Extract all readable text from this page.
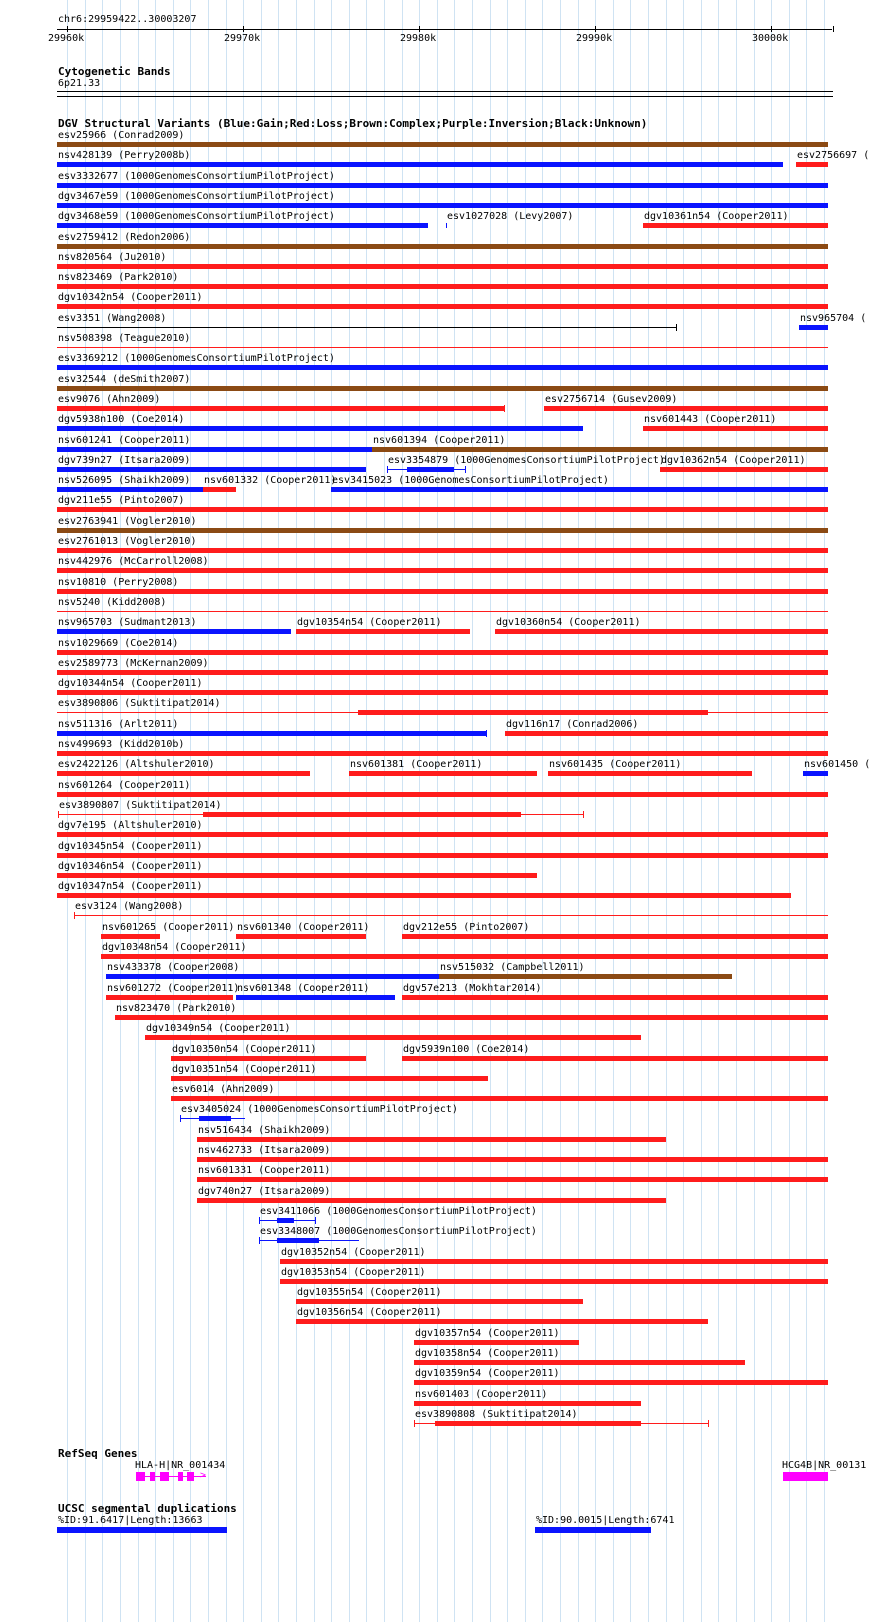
chr6:29959422..30003207
29960k	29970k	29980k	29990k	30000k
Cytogenetic Bands
6p21.33
DGV Structural Variants (Blue:Gain;Red:Loss;Brown:Complex;Purple:Inversion;Black:Unknown)
esv25966 (Conrad2009)
nsv428139 (Perry2008b)	esv2756697 (
esv3332677 (1000GenomesConsortiumPilotProject)
dgv3467e59 (1000GenomesConsortiumPilotProject)
dgv3468e59 (1000GenomesConsortiumPilotProject)	esv1027028 (Levy2007)	dgv10361n54 (Cooper2011)
esv2759412 (Redon2006)
nsv820564 (Ju2010)
nsv823469 (Park2010)
dgv10342n54 (Cooper2011)
esv3351 (Wang2008)	nsv965704 (
nsv508398 (Teague2010)
esv3369212 (1000GenomesConsortiumPilotProject)
esv32544 (deSmith2007)
esv9076 (Ahn2009)	esv2756714 (Gusev2009)
dgv5938n100 (Coe2014)	nsv601443 (Cooper2011)
nsv601241 (Cooper2011)	nsv601394 (Cooper2011)
dgv739n27 (Itsara2009)	esv3354879 (1000GenomesConsortiumPilotProject)
dgv10362n54 (Cooper2011)
nsv526095 (Shaikh2009) nsv601332 (Cooper2011)
esv3415023 (1000GenomesConsortiumPilotProject)
dgv211e55 (Pinto2007)
esv2763941 (Vogler2010)
esv2761013 (Vogler2010)
nsv442976 (McCarroll2008)
nsv10810 (Perry2008)
nsv5240 (Kidd2008)
nsv965703 (Sudmant2013)	dgv10354n54 (Cooper2011)	dgv10360n54 (Cooper2011)
nsv1029669 (Coe2014)
esv2589773 (McKernan2009)
dgv10344n54 (Cooper2011)
esv3890806 (Suktitipat2014)
nsv511316 (Arlt2011)	dgv116n17 (Conrad2006)
nsv499693 (Kidd2010b)
esv2422126 (Altshuler2010)	nsv601381 (Cooper2011)	nsv601435 (Cooper2011)	nsv601450 (
nsv601264 (Cooper2011)
esv3890807 (Suktitipat2014)
dgv7e195 (Altshuler2010)
dgv10345n54 (Cooper2011)
dgv10346n54 (Cooper2011)
dgv10347n54 (Cooper2011)
esv3124 (Wang2008)
nsv601265 (Cooper2011) nsv601340 (Cooper2011)	dgv212e55 (Pinto2007)
dgv10348n54 (Cooper2011)
nsv433378 (Cooper2008)	nsv515032 (Campbell2011)
nsv601272 (Cooper2011)
nsv601348 (Cooper2011)	dgv57e213 (Mokhtar2014)
nsv823470 (Park2010)
dgv10349n54 (Cooper2011)
dgv10350n54 (Cooper2011)	dgv5939n100 (Coe2014)
dgv10351n54 (Cooper2011)
esv6014 (Ahn2009)
esv3405024 (1000GenomesConsortiumPilotProject)
nsv516434 (Shaikh2009)
nsv462733 (Itsara2009)
nsv601331 (Cooper2011)
dgv740n27 (Itsara2009)
esv3411066 (1000GenomesConsortiumPilotProject)
esv3348007 (1000GenomesConsortiumPilotProject)
dgv10352n54 (Cooper2011)
dgv10353n54 (Cooper2011)
dgv10355n54 (Cooper2011)
dgv10356n54 (Cooper2011)
dgv10357n54 (Cooper2011)
dgv10358n54 (Cooper2011)
dgv10359n54 (Cooper2011)
nsv601403 (Cooper2011)
esv3890808 (Suktitipat2014)
RefSeq Genes
HLA-H|NR_001434
>
HCG4B|NR_00131
UCSC segmental duplications
%ID:91.6417|Length:13663	%ID:90.0015|Length:6741
